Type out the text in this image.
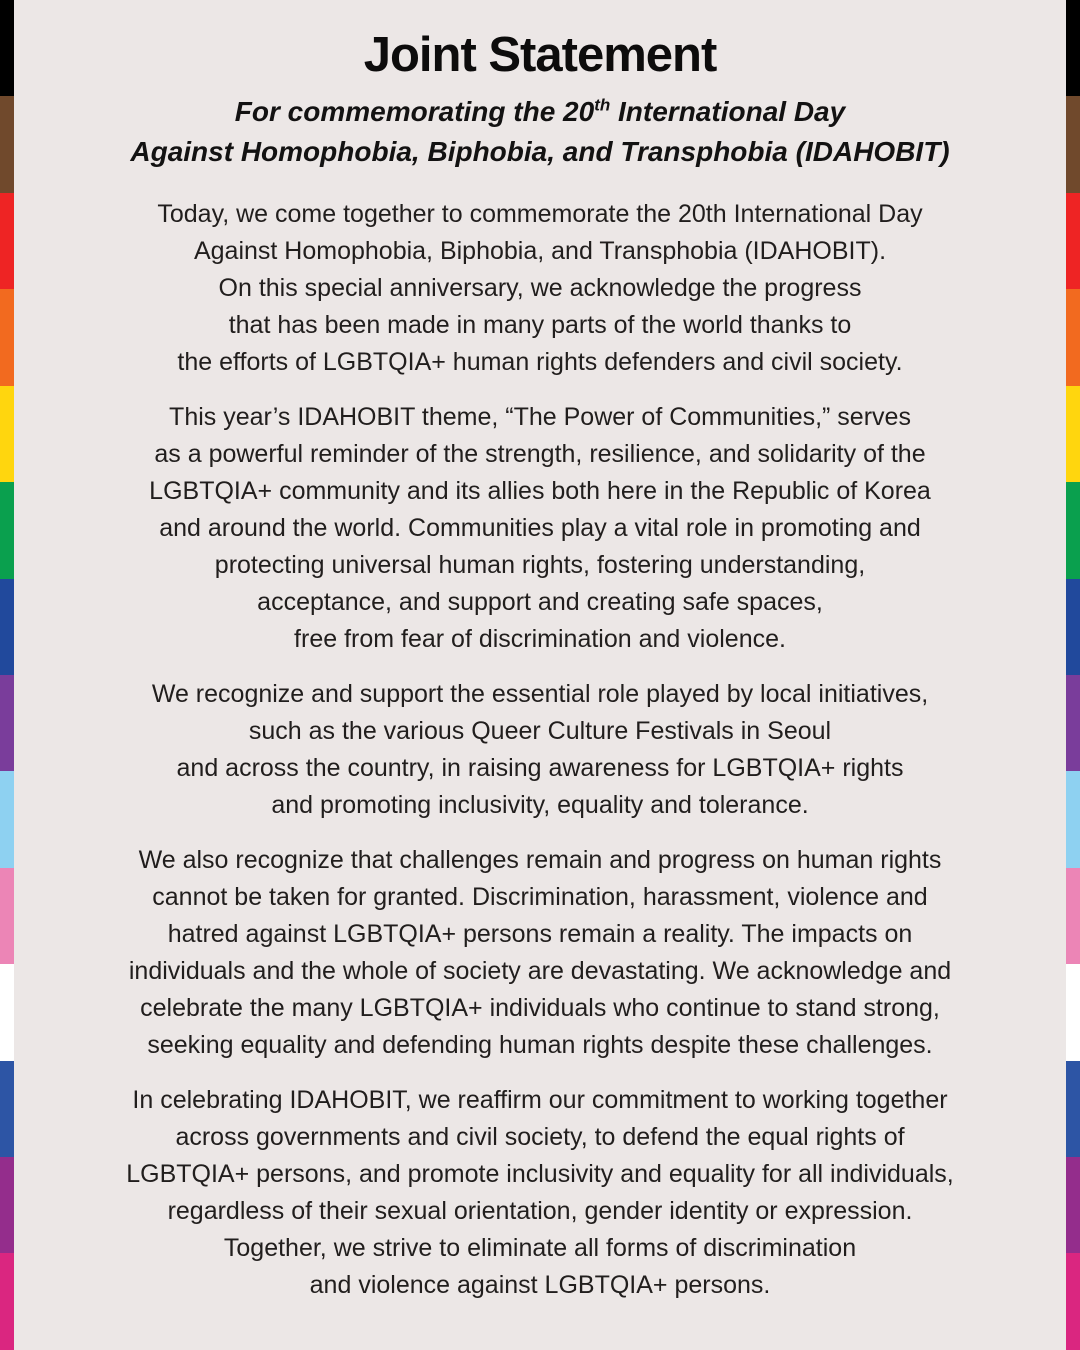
Joint Statement
For commemorating the 20th International Day
Against Homophobia, Biphobia, and Transphobia (IDAHOBIT)
Today, we come together to commemorate the 20th International Day
Against Homophobia, Biphobia, and Transphobia (IDAHOBIT).
On this special anniversary, we acknowledge the progress
that has been made in many parts of the world thanks to
the efforts of LGBTQIA+ human rights defenders and civil society.
This year’s IDAHOBIT theme, “The Power of Communities,” serves
as a powerful reminder of the strength, resilience, and solidarity of the
LGBTQIA+ community and its allies both here in the Republic of Korea
and around the world. Communities play a vital role in promoting and
protecting universal human rights, fostering understanding,
acceptance, and support and creating safe spaces,
free from fear of discrimination and violence.
We recognize and support the essential role played by local initiatives,
such as the various Queer Culture Festivals in Seoul
and across the country, in raising awareness for LGBTQIA+ rights
and promoting inclusivity, equality and tolerance.
We also recognize that challenges remain and progress on human rights
cannot be taken for granted. Discrimination, harassment, violence and
hatred against LGBTQIA+ persons remain a reality. The impacts on
individuals and the whole of society are devastating. We acknowledge and
celebrate the many LGBTQIA+ individuals who continue to stand strong,
seeking equality and defending human rights despite these challenges.
In celebrating IDAHOBIT, we reaffirm our commitment to working together
across governments and civil society, to defend the equal rights of
LGBTQIA+ persons, and promote inclusivity and equality for all individuals,
regardless of their sexual orientation, gender identity or expression.
Together, we strive to eliminate all forms of discrimination
and violence against LGBTQIA+ persons.
